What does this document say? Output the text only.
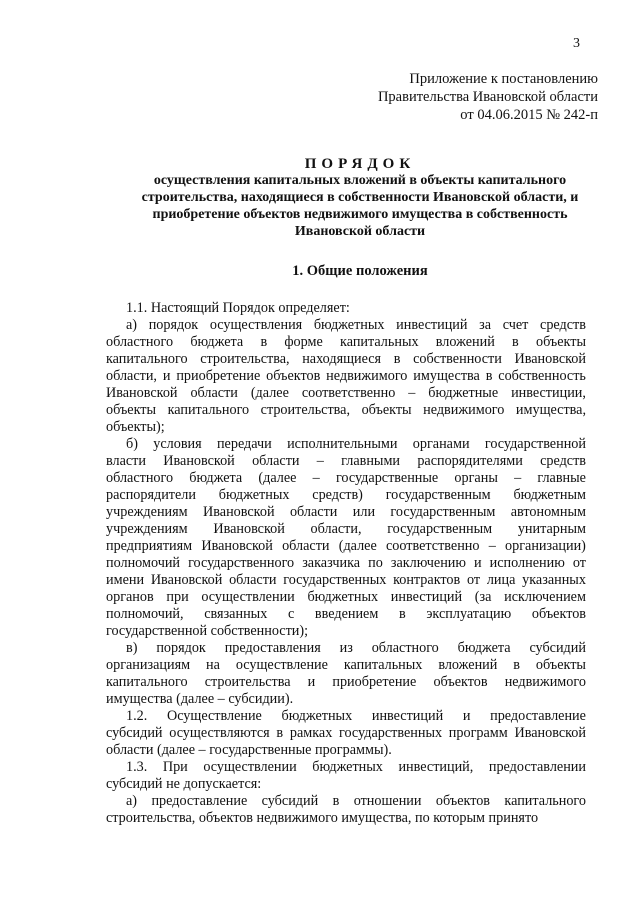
3
Приложение к постановлению
Правительства Ивановской области
от 04.06.2015 № 242-п
ПОРЯДОК
осуществления капитальных вложений в объекты капитального
строительства, находящиеся в собственности Ивановской области, и
приобретение объектов недвижимого имущества в собственность
Ивановской области
1. Общие положения
1.1. Настоящий Порядок определяет:
а) порядок осуществления бюджетных инвестиций за счет средств
областного бюджета в форме капитальных вложений в объекты
капитального строительства, находящиеся в собственности Ивановской
области, и приобретение объектов недвижимого имущества в собственность
Ивановской области (далее соответственно – бюджетные инвестиции,
объекты капитального строительства, объекты недвижимого имущества,
объекты);
б) условия передачи исполнительными органами государственной
власти Ивановской области – главными распорядителями средств
областного бюджета (далее – государственные органы – главные
распорядители бюджетных средств) государственным бюджетным
учреждениям Ивановской области или государственным автономным
учреждениям Ивановской области, государственным унитарным
предприятиям Ивановской области (далее соответственно – организации)
полномочий государственного заказчика по заключению и исполнению от
имени Ивановской области государственных контрактов от лица указанных
органов при осуществлении бюджетных инвестиций (за исключением
полномочий, связанных с введением в эксплуатацию объектов
государственной собственности);
в) порядок предоставления из областного бюджета субсидий
организациям на осуществление капитальных вложений в объекты
капитального строительства и приобретение объектов недвижимого
имущества (далее – субсидии).
1.2. Осуществление бюджетных инвестиций и предоставление
субсидий осуществляются в рамках государственных программ Ивановской
области (далее – государственные программы).
1.3. При осуществлении бюджетных инвестиций, предоставлении
субсидий не допускается:
а) предоставление субсидий в отношении объектов капитального
строительства, объектов недвижимого имущества, по которым принято
